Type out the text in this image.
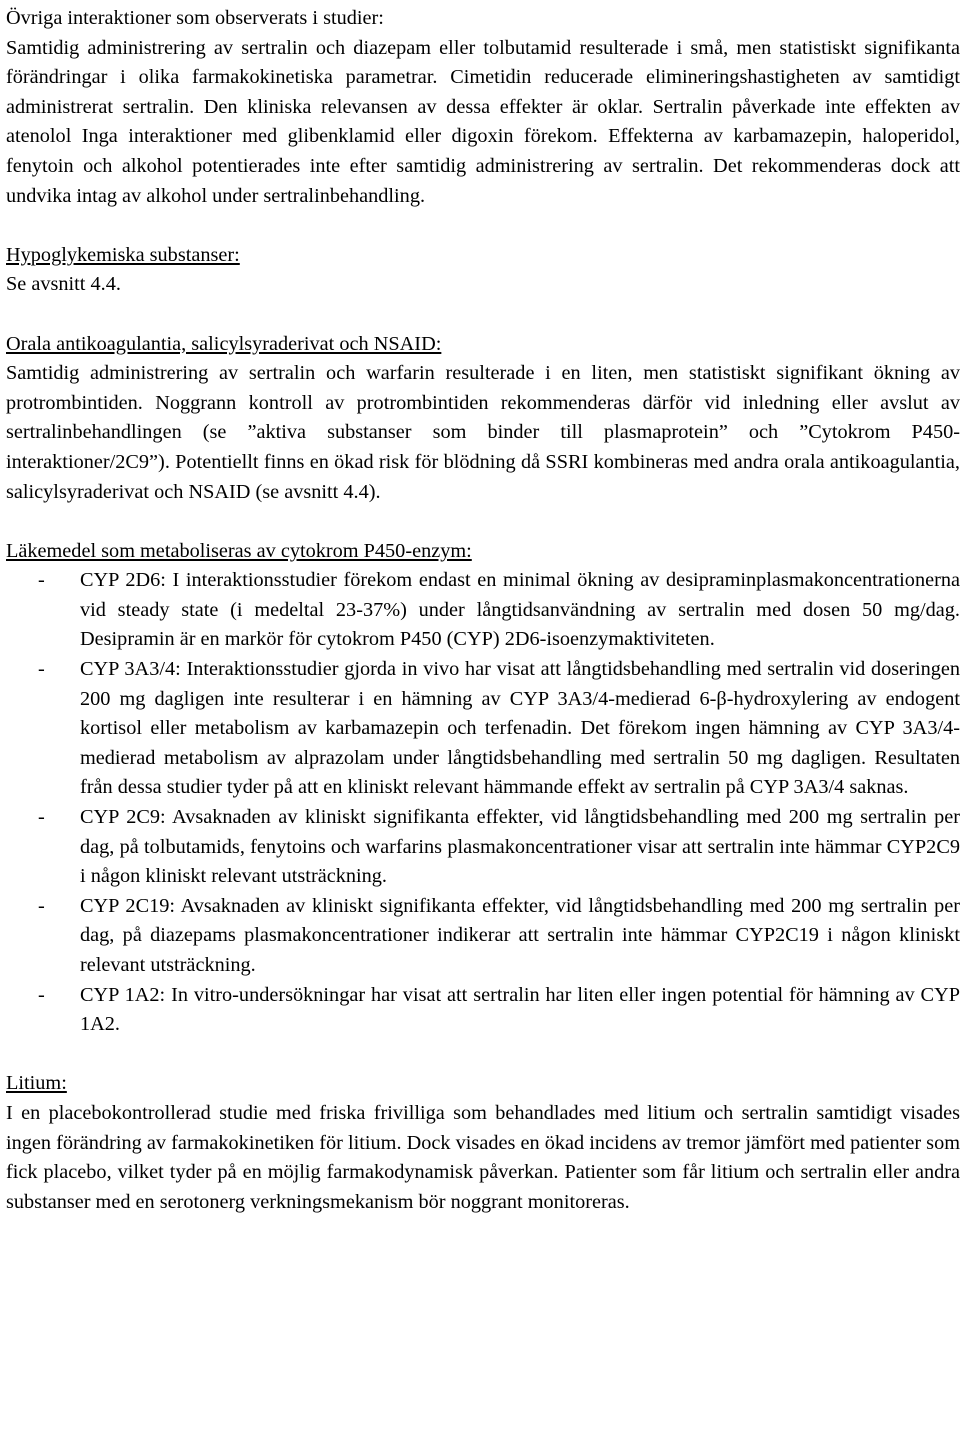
Övriga interaktioner som observerats i studier:
Samtidig administrering av sertralin och diazepam eller tolbutamid resulterade i små, men statistiskt signifikanta förändringar i olika farmakokinetiska parametrar. Cimetidin reducerade elimineringshastigheten av samtidigt administrerat sertralin. Den kliniska relevansen av dessa effekter är oklar. Sertralin påverkade inte effekten av atenolol Inga interaktioner med glibenklamid eller digoxin förekom. Effekterna av karbamazepin, haloperidol, fenytoin och alkohol potentierades inte efter samtidig administrering av sertralin. Det rekommenderas dock att undvika intag av alkohol under sertralinbehandling.
Hypoglykemiska substanser:
Se avsnitt 4.4.
Orala antikoagulantia, salicylsyraderivat och NSAID:
Samtidig administrering av sertralin och warfarin resulterade i en liten, men statistiskt signifikant ökning av protrombintiden. Noggrann kontroll av protrombintiden rekommenderas därför vid inledning eller avslut av sertralinbehandlingen (se ”aktiva substanser som binder till plasmaprotein” och ”Cytokrom P450-interaktioner/2C9”). Potentiellt finns en ökad risk för blödning då SSRI kombineras med andra orala antikoagulantia, salicylsyraderivat och NSAID (se avsnitt 4.4).
Läkemedel som metaboliseras av cytokrom P450-enzym:
- CYP 2D6: I interaktionsstudier förekom endast en minimal ökning av desipraminplasmakoncentrationerna vid steady state (i medeltal 23-37%) under långtidsanvändning av sertralin med dosen 50 mg/dag. Desipramin är en markör för cytokrom P450 (CYP) 2D6-isoenzymaktiviteten.
- CYP 3A3/4: Interaktionsstudier gjorda in vivo har visat att långtidsbehandling med sertralin vid doseringen 200 mg dagligen inte resulterar i en hämning av CYP 3A3/4-medierad 6-β-hydroxylering av endogent kortisol eller metabolism av karbamazepin och terfenadin. Det förekom ingen hämning av CYP 3A3/4-medierad metabolism av alprazolam under långtidsbehandling med sertralin 50 mg dagligen. Resultaten från dessa studier tyder på att en kliniskt relevant hämmande effekt av sertralin på CYP 3A3/4 saknas.
- CYP 2C9: Avsaknaden av kliniskt signifikanta effekter, vid långtidsbehandling med 200 mg sertralin per dag, på tolbutamids, fenytoins och warfarins plasmakoncentrationer visar att sertralin inte hämmar CYP2C9 i någon kliniskt relevant utsträckning.
- CYP 2C19: Avsaknaden av kliniskt signifikanta effekter, vid långtidsbehandling med 200 mg sertralin per dag, på diazepams plasmakoncentrationer indikerar att sertralin inte hämmar CYP2C19 i någon kliniskt relevant utsträckning.
- CYP 1A2: In vitro-undersökningar har visat att sertralin har liten eller ingen potential för hämning av CYP 1A2.
Litium:
I en placebokontrollerad studie med friska frivilliga som behandlades med litium och sertralin samtidigt visades ingen förändring av farmakokinetiken för litium. Dock visades en ökad incidens av tremor jämfört med patienter som fick placebo, vilket tyder på en möjlig farmakodynamisk påverkan. Patienter som får litium och sertralin eller andra substanser med en serotonerg verkningsmekanism bör noggrant monitoreras.
